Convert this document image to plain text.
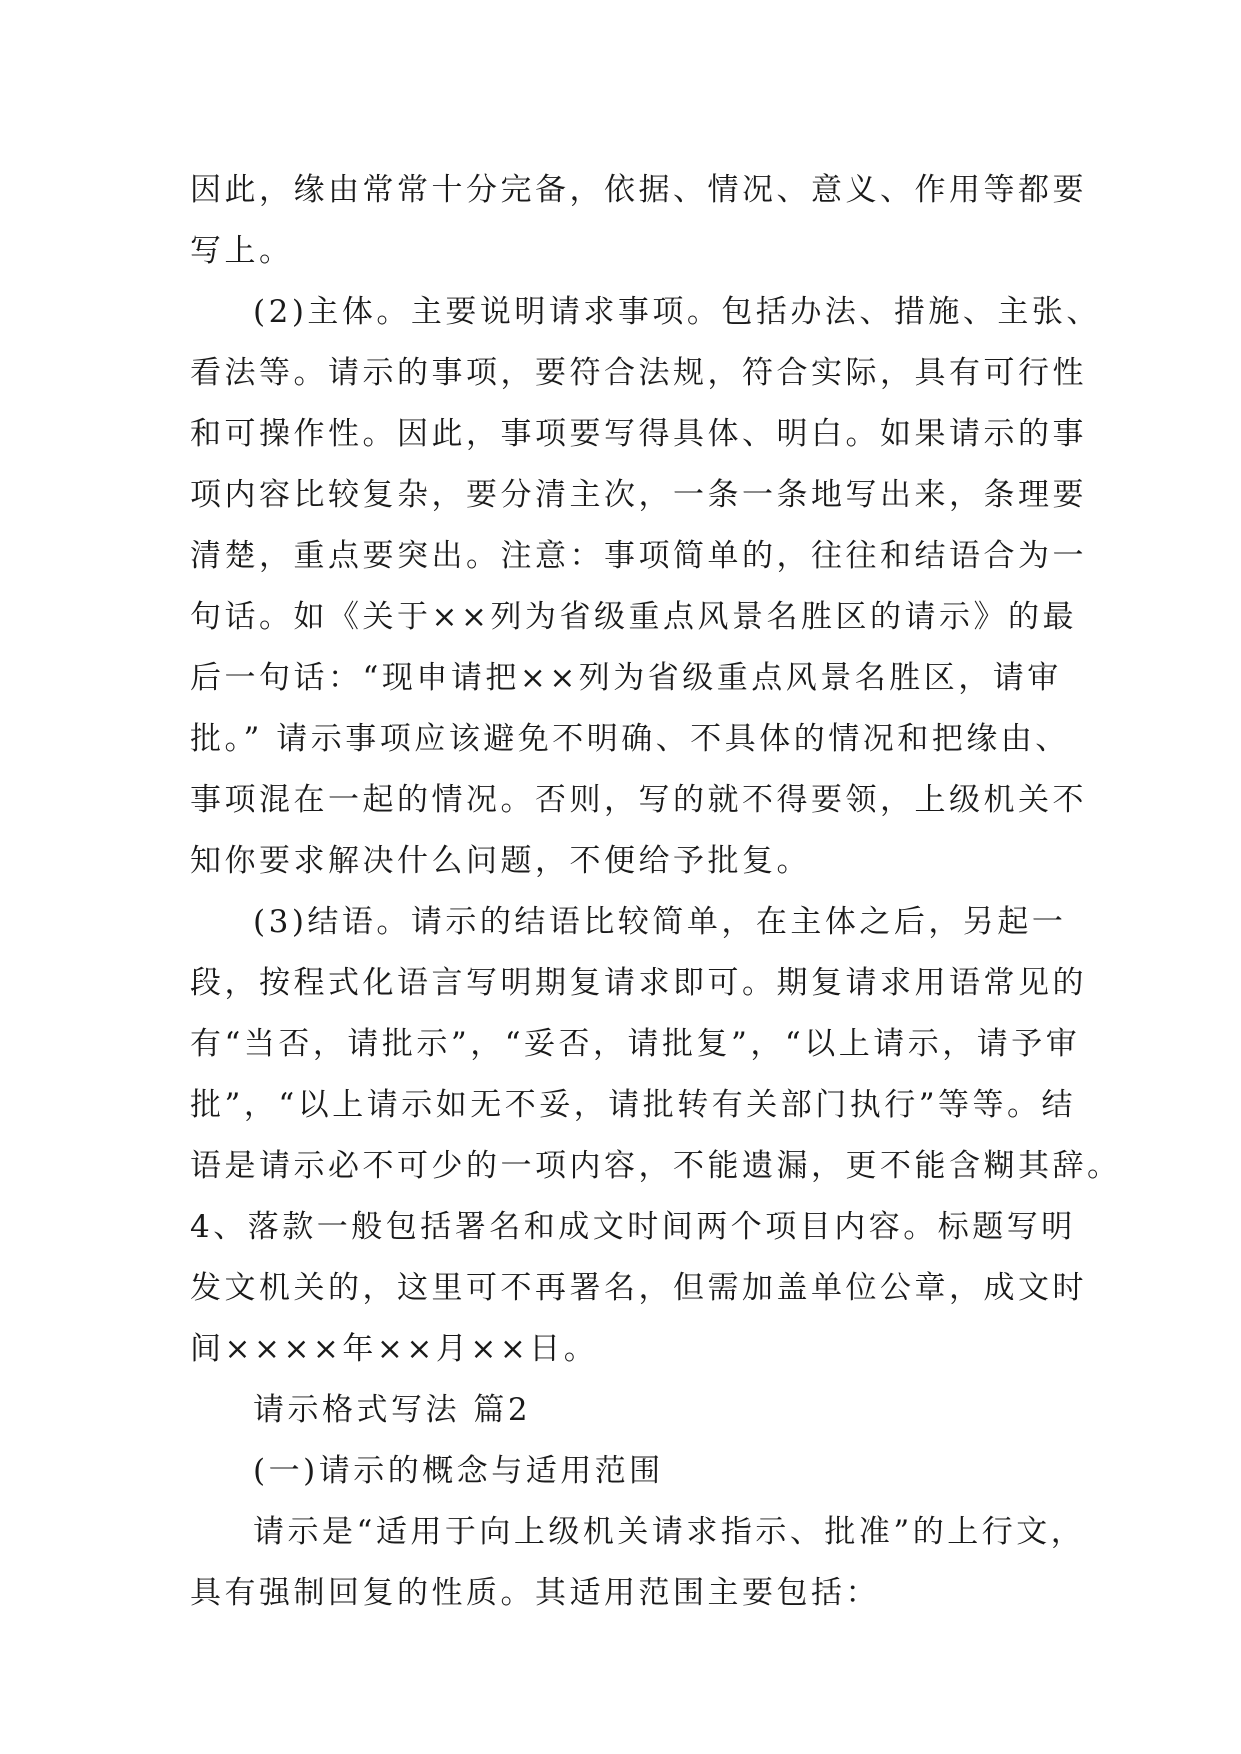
因此，缘由常常十分完备，依据、情况、意义、作用等都要
写上。
(2)主体。主要说明请求事项。包括办法、措施、主张、
看法等。请示的事项，要符合法规，符合实际，具有可行性
和可操作性。因此，事项要写得具体、明白。如果请示的事
项内容比较复杂，要分清主次，一条一条地写出来，条理要
清楚，重点要突出。注意：事项简单的，往往和结语合为一
句话。如《关于××列为省级重点风景名胜区的请示》的最
后一句话：“现申请把××列为省级重点风景名胜区，请审
批。” 请示事项应该避免不明确、不具体的情况和把缘由、
事项混在一起的情况。否则，写的就不得要领，上级机关不
知你要求解决什么问题，不便给予批复。
(3)结语。请示的结语比较简单，在主体之后，另起一
段，按程式化语言写明期复请求即可。期复请求用语常见的
有“当否，请批示”，“妥否，请批复”，“以上请示，请予审
批”，“以上请示如无不妥，请批转有关部门执行”等等。结
语是请示必不可少的一项内容，不能遗漏，更不能含糊其辞。
4、落款一般包括署名和成文时间两个项目内容。标题写明
发文机关的，这里可不再署名，但需加盖单位公章，成文时
间××××年××月××日。
请示格式写法 篇2
(一)请示的概念与适用范围
请示是“适用于向上级机关请求指示、批准”的上行文，
具有强制回复的性质。其适用范围主要包括：
